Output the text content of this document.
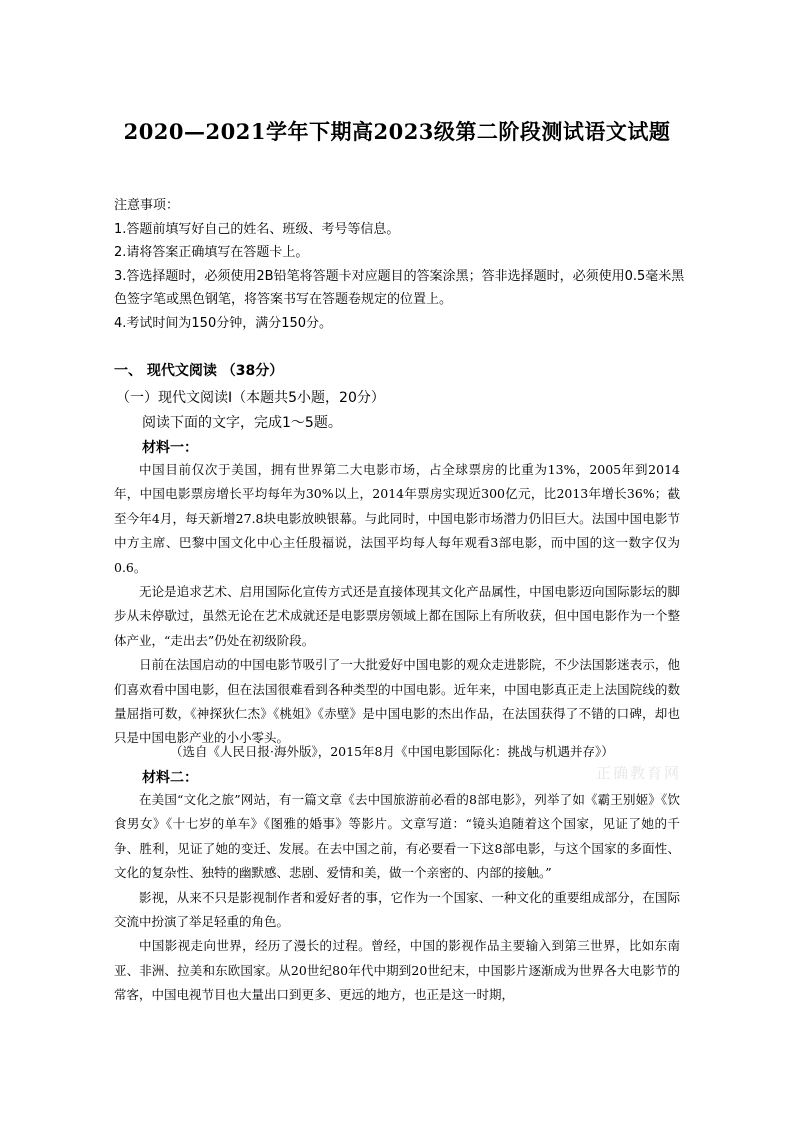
2020—2021学年下期高2023级第二阶段测试语文试题

注意事项：

1.答题前填写好自己的姓名、班级、考号等信息。

2.请将答案正确填写在答题卡上。

3.答选择题时，必须使用2B铅笔将答题卡对应题目的答案涂黑；答非选择题时，必须使用0.5毫米黑色签字笔或黑色钢笔，将答案书写在答题卷规定的位置上。

4.考试时间为150分钟，满分150分。

一、 现代文阅读 （38分）
（一）现代文阅读Ⅰ（本题共5小题，20分）
阅读下面的文字，完成1～5题。
材料一：

中国目前仅次于美国，拥有世界第二大电影市场，占全球票房的比重为13%，2005年到2014年，中国电影票房增长平均每年为30%以上，2014年票房实现近300亿元，比2013年增长36%；截至今年4月，每天新增27.8块电影放映银幕。与此同时，中国电影市场潜力仍旧巨大。法国中国电影节中方主席、巴黎中国文化中心主任殷福说，法国平均每人每年观看3部电影，而中国的这一数字仅为0.6。

无论是追求艺术、启用国际化宣传方式还是直接体现其文化产品属性，中国电影迈向国际影坛的脚步从未停歇过，虽然无论在艺术成就还是电影票房领域上都在国际上有所收获，但中国电影作为一个整体产业，“走出去”仍处在初级阶段。

日前在法国启动的中国电影节吸引了一大批爱好中国电影的观众走进影院，不少法国影迷表示，他们喜欢看中国电影，但在法国很难看到各种类型的中国电影。近年来，中国电影真正走上法国院线的数量屈指可数，《神探狄仁杰》《桃姐》《赤壁》是中国电影的杰出作品，在法国获得了不错的口碑，却也只是中国电影产业的小小零头。

（选自《人民日报·海外版》，2015年8月《中国电影国际化：挑战与机遇并存》）
正确教育网
材料二：

在美国“文化之旅”网站，有一篇文章《去中国旅游前必看的8部电影》，列举了如《霸王别姬》《饮食男女》《十七岁的单车》《图雅的婚事》等影片。文章写道：“镜头追随着这个国家，见证了她的千争、胜利，见证了她的变迁、发展。在去中国之前，有必要看一下这8部电影，与这个国家的多面性、文化的复杂性、独特的幽默感、悲剧、爱情和美，做一个亲密的、内部的接触。”

影视，从来不只是影视制作者和爱好者的事，它作为一个国家、一种文化的重要组成部分，在国际交流中扮演了举足轻重的角色。

中国影视走向世界，经历了漫长的过程。曾经，中国的影视作品主要输入到第三世界，比如东南亚、非洲、拉美和东欧国家。从20世纪80年代中期到20世纪末，中国影片逐渐成为世界各大电影节的常客，中国电视节目也大量出口到更多、更远的地方，也正是这一时期，
